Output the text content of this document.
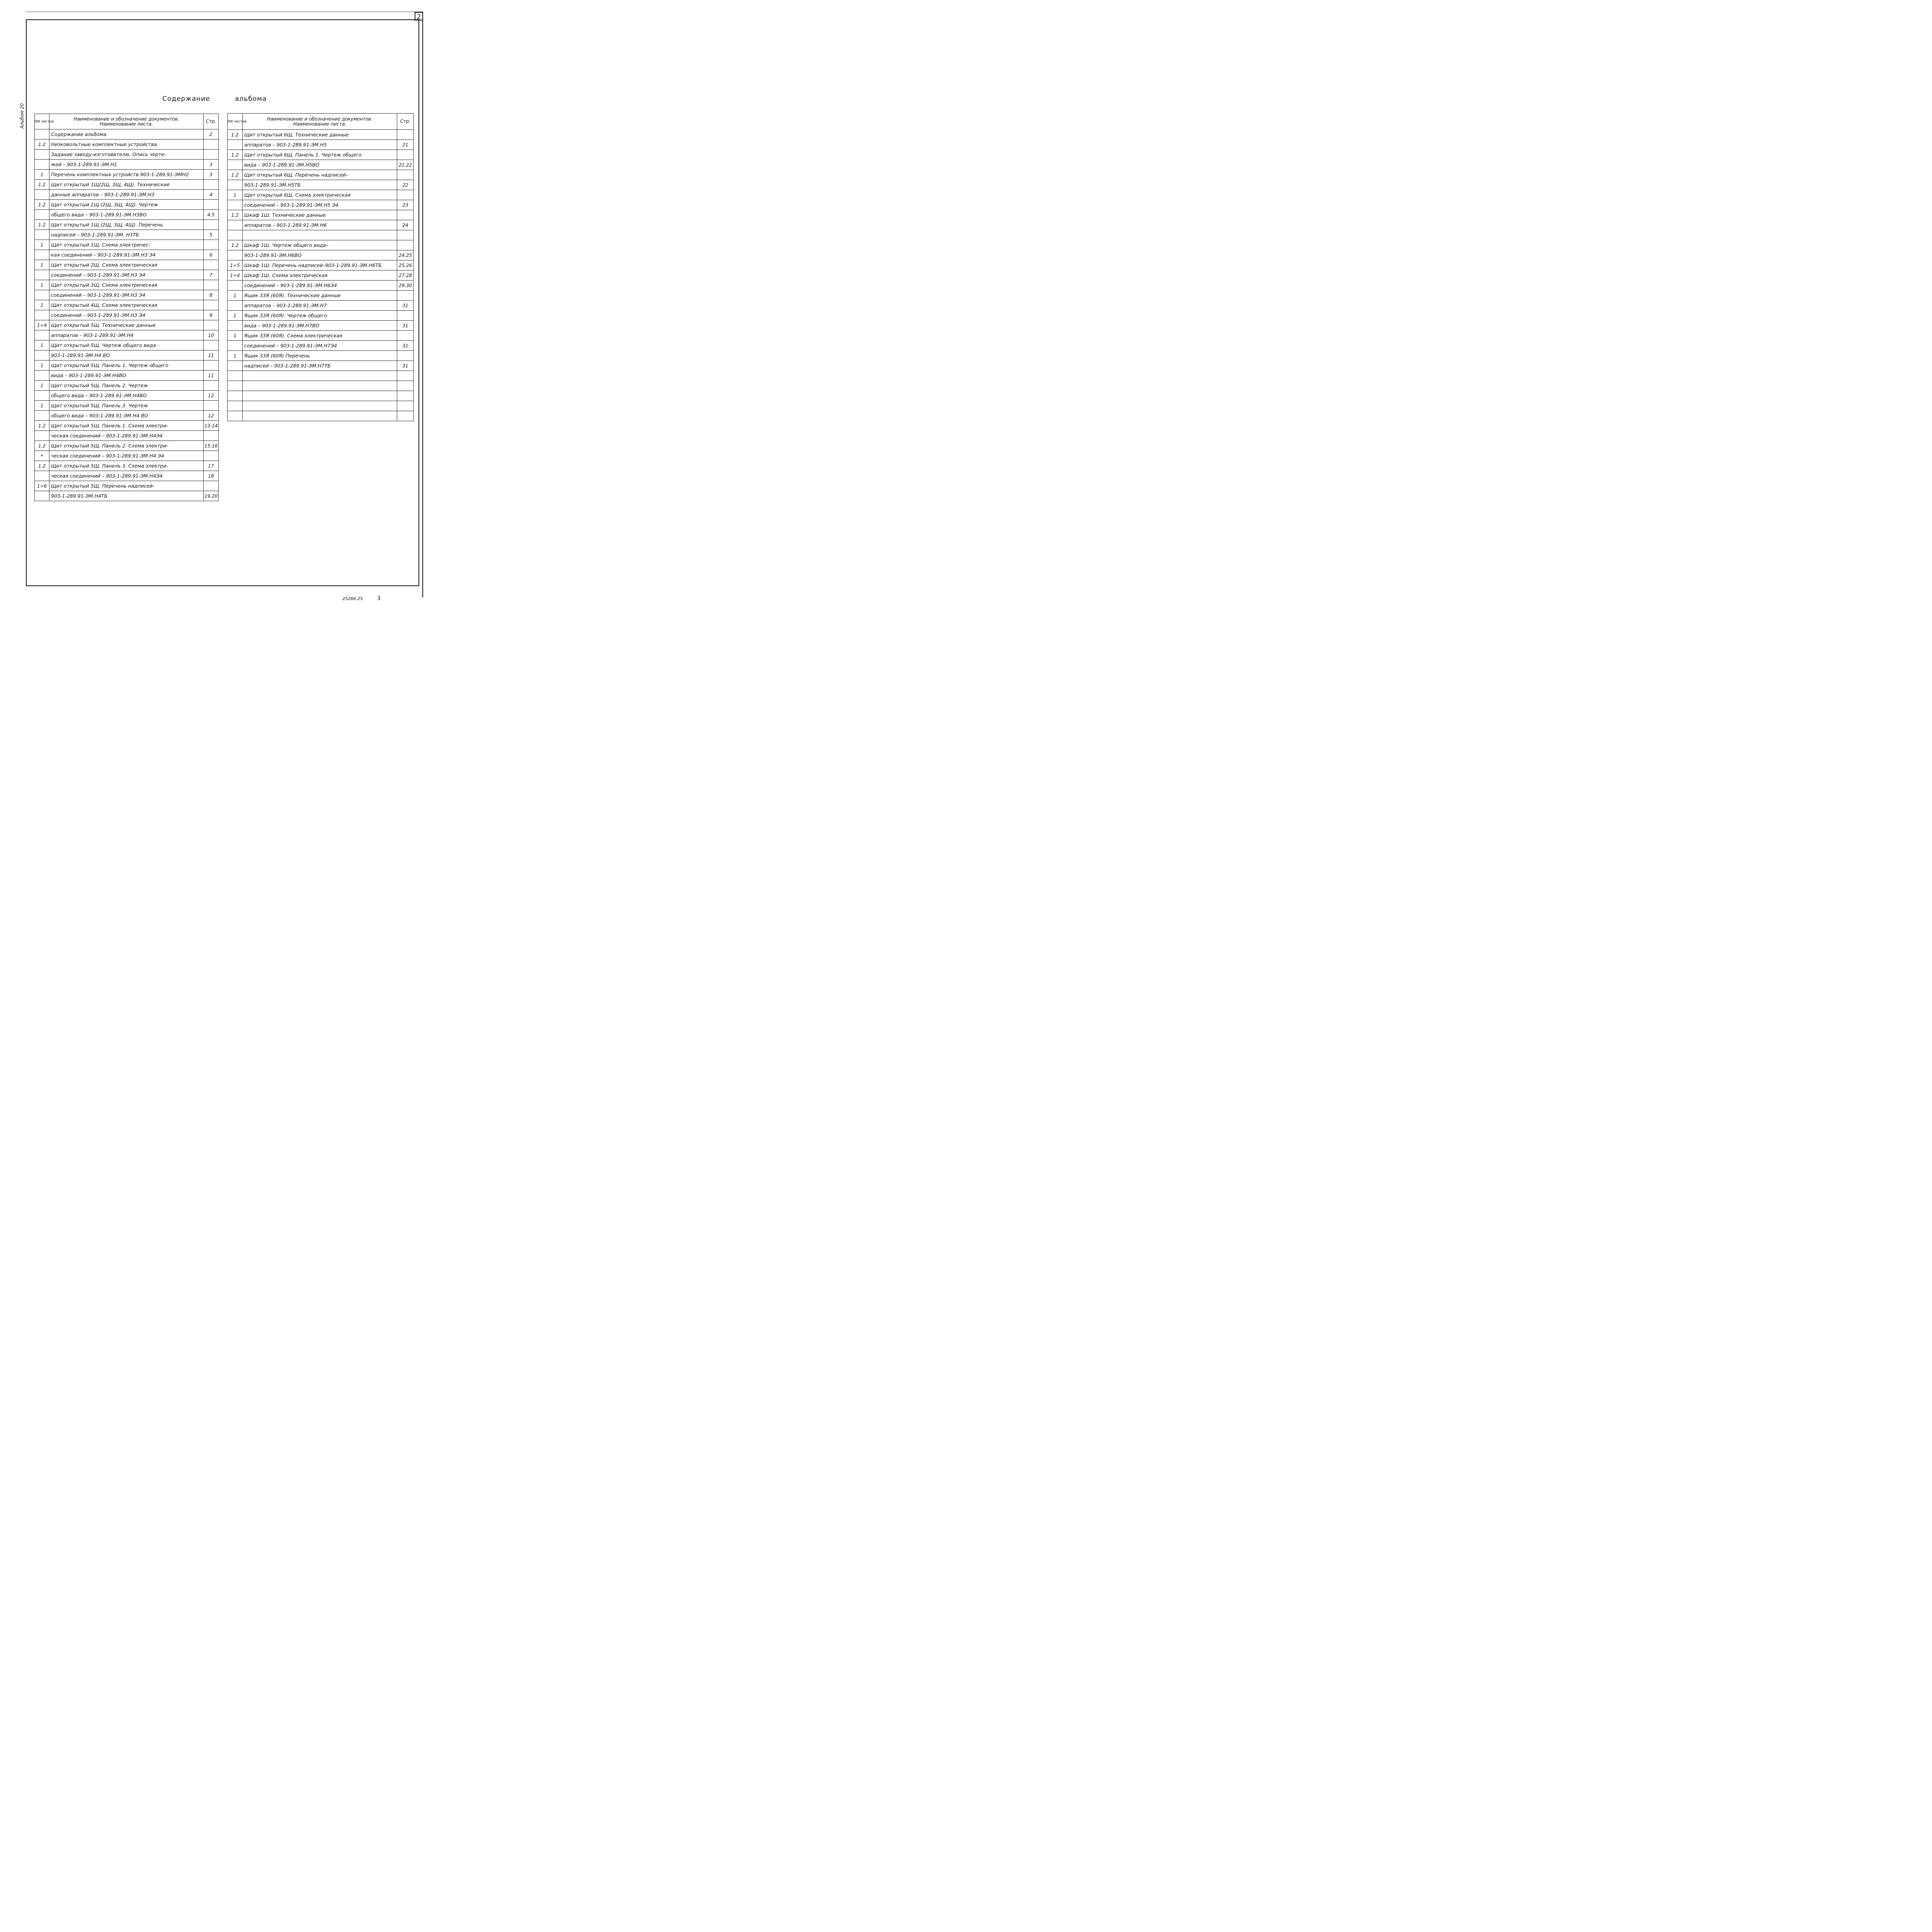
2
Альбом 20
Содержание	альбома
NN листов	Наименование и обозначение документов.
Наименование листа.	Стр.
	Содержание альбома.	2
1.2	Низковольтные комплектные устройства	
	Задание заводу-изготовителю. Опись черте-	
	жей – 903-1-289.91-ЭМ.Н1	3
1	Перечень комплектных устройств 903-1-289.91-ЭМН2	3
1.2	Щит открытый 1Щ(2Щ, 3Щ, 4Щ). Технические	
	данные аппаратов – 903-1-289.91-ЭМ.Н3	4
1.2	Щит открытый 1Щ (2Щ, 3Щ, 4Щ). Чертеж	
	общего вида – 903-1-289.91-ЭМ.Н3ВО	4.5
1.2	Щит открытый 1Щ (2Щ, 3Щ, 4Щ). Перечень	
	надписей – 903-1-289.91-ЭМ. Н3ТБ	5
1	Щит открытый 1Щ. Схема электричес-	
	кая соединений – 903-1-289.91-ЭМ.Н3 Э4	6
1	Щит открытый 2Щ. Схема электрическая	
	соединений – 903-1-289.91-ЭМ.Н3 Э4	7
1	Щит открытый 3Щ. Схема электрическая	
	соединений – 903-1-289.91-ЭМ.Н3 Э4	8
1	Щит открытый 4Щ. Схема электрическая	
	соединений – 903-1-289.91-ЭМ.Н3 Э4	9
1÷4	Щит открытый 5Щ. Технические данные	
	аппаратов – 903-1-289.91-ЭМ.Н4	10
1	Щит открытый 5Щ. Чертеж общего вида -	
	903-1-289.91-ЭМ.Н4 ВО	11
1	Щит открытый 5Щ. Панель 1. Чертеж общего	
	вида – 903-1-289.91-ЭМ.Н4ВО	11
1	Щит открытый 5Щ. Панель 2. Чертеж	
	общего вида – 903-1-289.91-ЭМ.Н4ВО	12
1	Щит открытый 5Щ. Панель 3. Чертеж	
	общего вида – 903-1-289.91-ЭМ.Н4 ВО	12
1.2	Щит открытый 5Щ. Панель 1. Схема электри-	13.14
	ческая соединений – 903-1-289.91-ЭМ.Н4Э4	
1.2	Щит открытый 5Щ. Панель 2. Схема электри-	15.16
•	ческая соединений – 903-1-289.91-ЭМ.Н4 Э4	
1.2	Щит открытый 5Щ. Панель 3. Схема электри-	17
	ческая соединений – 903-1-289.91-ЭМ.Н4Э4	18
1÷6	Щит открытый 5Щ. Перечень надписей–	
	903-1-289.91-ЭМ.Н4ТБ	19.20
NN листов	Наименование и обозначение документов.
Наименование листа.	Стр.
1.2	Щит открытый 6Щ. Технические данные	
	аппаратов – 903-1-289.91-ЭМ.Н5	21
1.2	Щит открытый 6Щ. Панель 1. Чертеж общего	
	вида – 903-1-289.91-ЭМ.Н5ВО	21.22
1.2	Щит открытый 6Щ. Перечень надписей–	
	903-1-289.91-ЭМ.Н5ТБ	22
1	Щит открытый 6Щ. Схема электрическая	
	соединений – 903-1-289.91-ЭМ.Н5 Э4	23
1.2	Шкаф 1Ш. Технические данные	
	аппаратов – 903-1-289.91-ЭМ.Н6	24

1.2	Шкаф 1Ш. Чертеж общего вида–	
	903-1-289.91-ЭМ.Н6ВО	24.25
1÷5	Шкаф 1Ш. Перечень надписей–903-1-289.91-ЭМ.Н6ТБ	25.26
1÷4	Шкаф 1Ш. Схема электрическая	27.28
	соединений – 903-1-289.91-ЭМ.Н6Э4	29.30
1	Ящик 33Я (60Я). Технические данные	
	аппаратов – 903-1-289.91-ЭМ.Н7	31
1	Ящик 33Я (60Я). Чертеж общего	
	вида – 903-1-289.91-ЭМ.Н7ВО	31
1	Ящик 33Я (60Я). Схема электрическая	
	соединений – 903-1-289.91-ЭМ.Н7Э4	31
1	Ящик 33Я (60Я) Перечень	
	надписей – 903-1-289.91-ЭМ.Н7ТБ	31

25266-25	3
